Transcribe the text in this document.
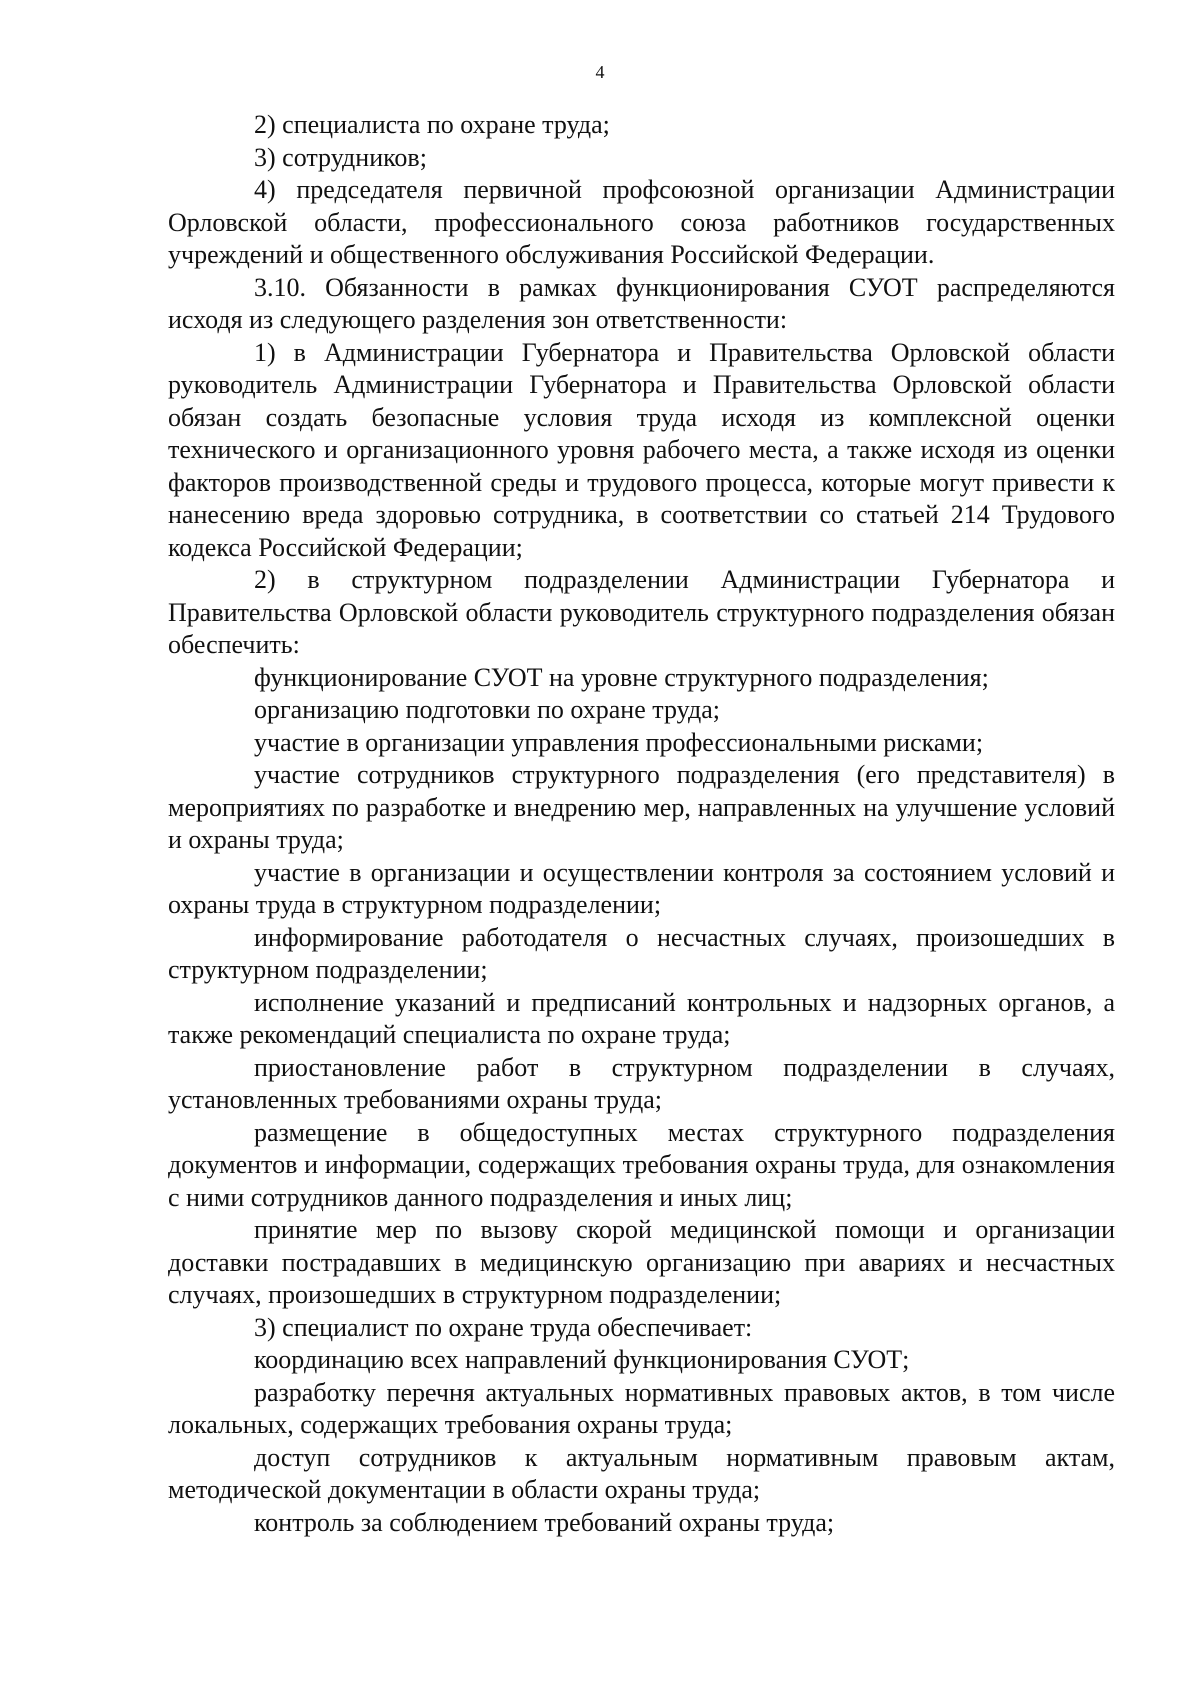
4

2) специалиста по охране труда;

3) сотрудников;

4) председателя первичной профсоюзной организации Администрации Орловской области, профессионального союза работников государственных учреждений и общественного обслуживания Российской Федерации.

3.10. Обязанности в рамках функционирования СУОТ распределяются исходя из следующего разделения зон ответственности:

1) в Администрации Губернатора и Правительства Орловской области руководитель Администрации Губернатора и Правительства Орловской области обязан создать безопасные условия труда исходя из комплексной оценки технического и организационного уровня рабочего места, а также исходя из оценки факторов производственной среды и трудового процесса, которые могут привести к нанесению вреда здоровью сотрудника, в соответствии со статьей 214 Трудового кодекса Российской Федерации;

2) в структурном подразделении Администрации Губернатора и Правительства Орловской области руководитель структурного подразделения обязан обеспечить:

функционирование СУОТ на уровне структурного подразделения;

организацию подготовки по охране труда;

участие в организации управления профессиональными рисками;

участие сотрудников структурного подразделения (его представителя) в мероприятиях по разработке и внедрению мер, направленных на улучшение условий и охраны труда;

участие в организации и осуществлении контроля за состоянием условий и охраны труда в структурном подразделении;

информирование работодателя о несчастных случаях, произошедших в структурном подразделении;

исполнение указаний и предписаний контрольных и надзорных органов, а также рекомендаций специалиста по охране труда;

приостановление работ в структурном подразделении в случаях, установленных требованиями охраны труда;

размещение в общедоступных местах структурного подразделения документов и информации, содержащих требования охраны труда, для ознакомления с ними сотрудников данного подразделения и иных лиц;

принятие мер по вызову скорой медицинской помощи и организации доставки пострадавших в медицинскую организацию при авариях и несчастных случаях, произошедших в структурном подразделении;

3) специалист по охране труда обеспечивает:

координацию всех направлений функционирования СУОТ;

разработку перечня актуальных нормативных правовых актов, в том числе локальных, содержащих требования охраны труда;

доступ сотрудников к актуальным нормативным правовым актам, методической документации в области охраны труда;

контроль за соблюдением требований охраны труда;
